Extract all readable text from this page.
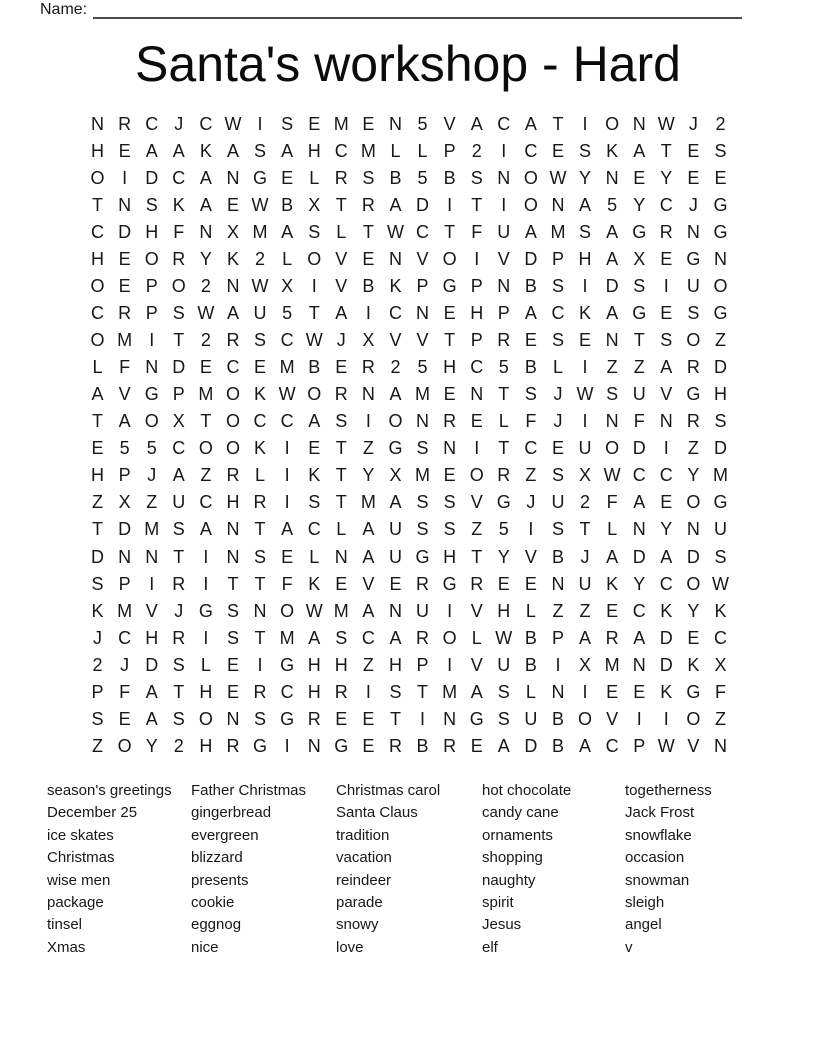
Name:
Santa's workshop - Hard
N R C J C W I	S E M E N 5 V A C A T	I O N W J 2
H E A A K A S A H C M L L P 2	I	C E S K A T E S
O I	D C A N G E L R S B 5 B S N O W Y N E Y E E
T N S K A E W B X T R A D	I	T	I O N A 5 Y C J G
C D H F N X M A S L T W C T F U A M S A G R N G
H E O R Y K 2 L O V E N V O I	V D P H A X E G N
O E P O 2 N W X	I	V B K P G P N B S	I	D S	I	U O
C R P S W A U 5 T A	I	C N E H P A C K A G E S G
O M I	T 2 R S C W J X V V T P R E S E N T S O Z
L F N D E C E M B E R 2 5 H C 5 B L	I	Z Z A R D
A V G P M O K W O R N A M E N T S J W S U V G H
T A O X T O C C A S	I O N R E L F J	I	N F N R S
E 5 5 C O O K	I	E T Z G S N	I	T C E U O D	I	Z D
H P J A Z R L	I	K T Y X M E O R Z S X W C C Y M
Z X Z U C H R	I	S T M A S S V G J U 2 F A E O G
T D M S A N T A C L A U S S Z 5	I	S T L N Y N U
D N N T	I	N S E L N A U G H T Y V B J A D A D S
S P	I	R	I	T T F K E V E R G R E E N U K Y C O W
K M V J G S N O W M A N U	I	V H L Z Z E C K Y K
J C H R	I	S T M A S C A R O L W B P A R A D E C
2 J D S L E	I G H H Z H P	I	V U B	I	X M N D K X
P F A T H E R C H R	I	S T M A S L N	I	E E K G F
S E A S O N S G R E E T	I	N G S U B O V	I	I O Z
Z O Y 2 H R G I	N G E R B R E A D B A C P W V N
season's greetings
December 25
ice skates
Christmas
wise men
package
tinsel
Xmas
Father Christmas
gingerbread
evergreen
blizzard
presents
cookie
eggnog
nice
Christmas carol
Santa Claus
tradition
vacation
reindeer
parade
snowy
love
hot chocolate
candy cane
ornaments
shopping
naughty
spirit
Jesus
elf
togetherness
Jack Frost
snowflake
occasion
snowman
sleigh
angel
v
